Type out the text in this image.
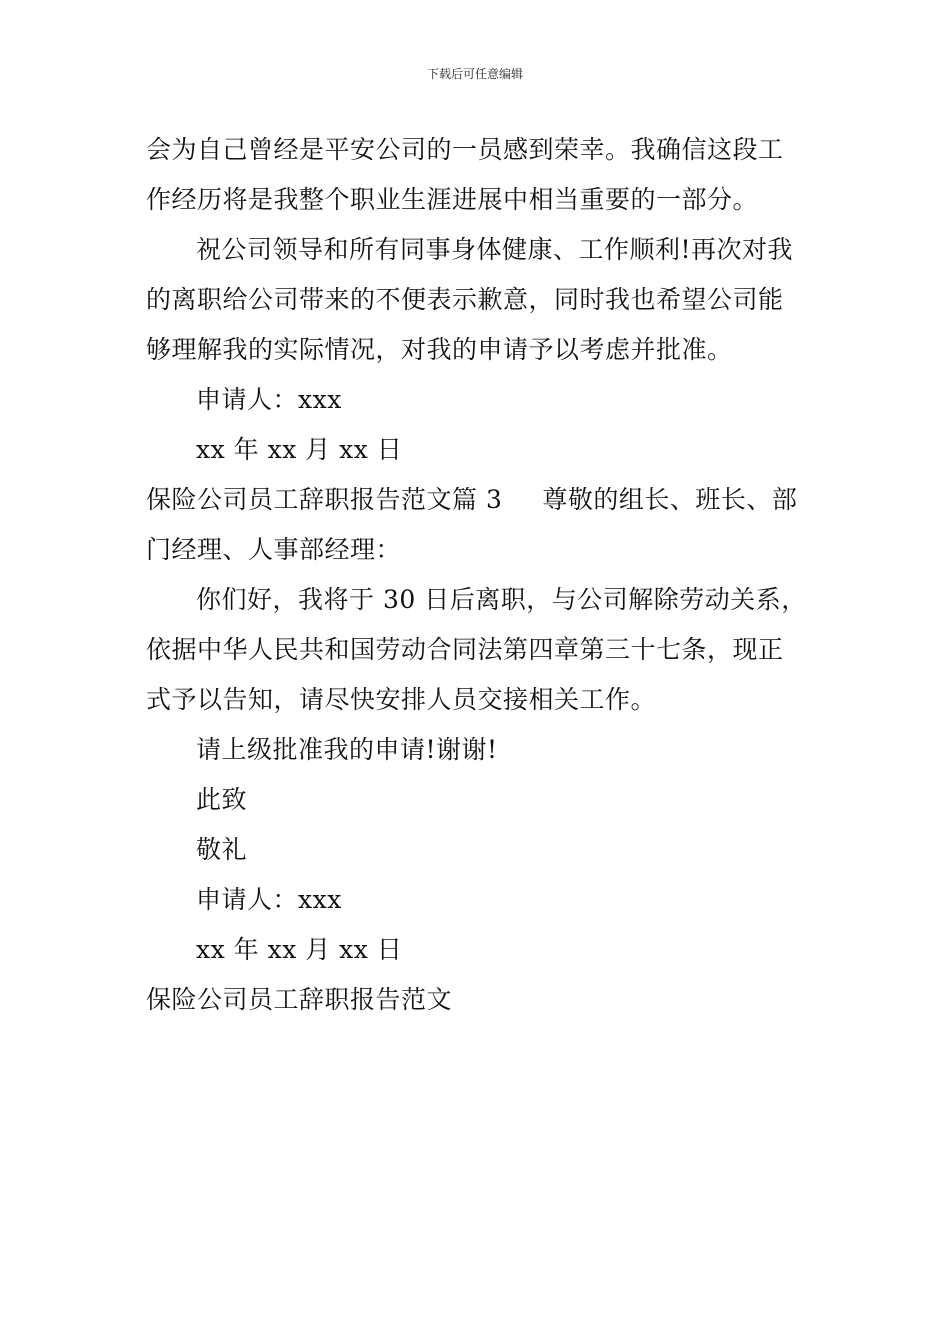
下载后可任意编辑
会为自己曾经是平安公司的一员感到荣幸。我确信这段工
作经历将是我整个职业生涯进展中相当重要的一部分。
祝公司领导和所有同事身体健康、工作顺利!再次对我
的离职给公司带来的不便表示歉意，同时我也希望公司能
够理解我的实际情况，对我的申请予以考虑并批准。
申请人：xxx
xx 年 xx 月 xx 日
保险公司员工辞职报告范文篇 3 尊敬的组长、班长、部
门经理、人事部经理：
你们好，我将于 30 日后离职，与公司解除劳动关系，
依据中华人民共和国劳动合同法第四章第三十七条，现正
式予以告知，请尽快安排人员交接相关工作。
请上级批准我的申请!谢谢!
此致
敬礼
申请人：xxx
xx 年 xx 月 xx 日
保险公司员工辞职报告范文
